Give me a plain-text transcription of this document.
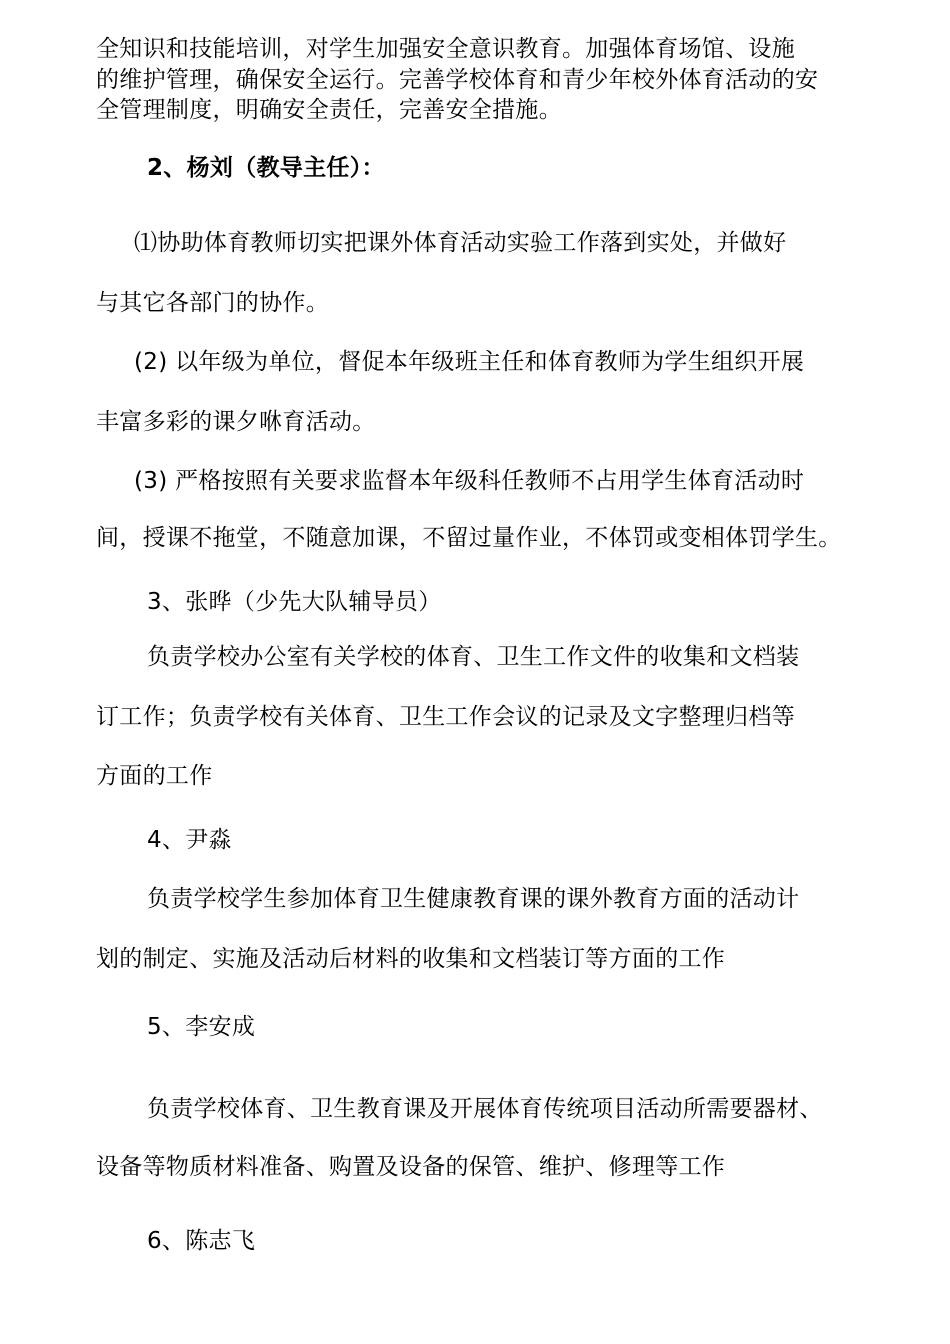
全知识和技能培训，对学生加强安全意识教育。加强体育场馆、设施
的维护管理，确保安全运行。完善学校体育和青少年校外体育活动的安
全管理制度，明确安全责任，完善安全措施。
2、杨刘（教导主任）：
⑴协助体育教师切实把课外体育活动实验工作落到实处，并做好
与其它各部门的协作。
(2) 以年级为单位，督促本年级班主任和体育教师为学生组织开展
丰富多彩的课夕咻育活动。
(3) 严格按照有关要求监督本年级科任教师不占用学生体育活动时
间，授课不拖堂，不随意加课，不留过量作业，不体罚或变相体罚学生。
3、张晔（少先大队辅导员）
负责学校办公室有关学校的体育、卫生工作文件的收集和文档装
订工作；负责学校有关体育、卫生工作会议的记录及文字整理归档等
方面的工作
4、尹淼
负责学校学生参加体育卫生健康教育课的课外教育方面的活动计
划的制定、实施及活动后材料的收集和文档装订等方面的工作
5、李安成
负责学校体育、卫生教育课及开展体育传统项目活动所需要器材、
设备等物质材料准备、购置及设备的保管、维护、修理等工作
6、陈志飞
